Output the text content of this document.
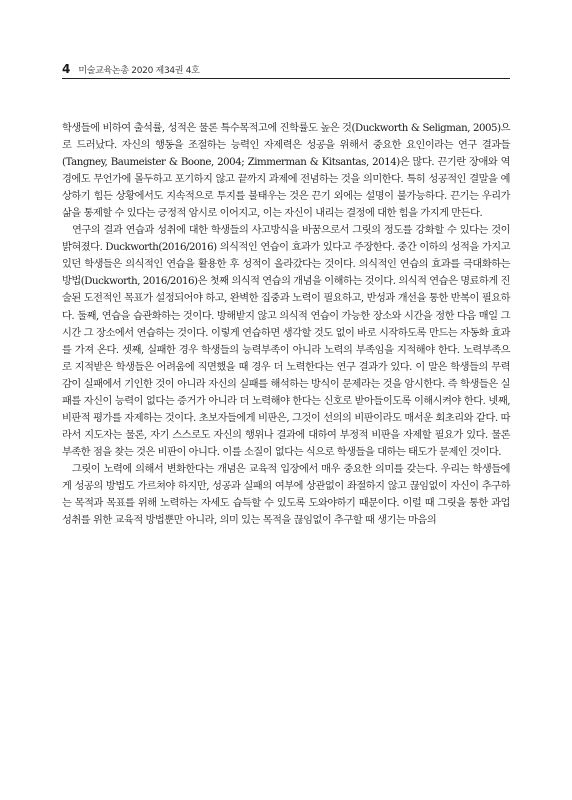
4 미술교육논총 2020 제34권 4호

학생들에 비하여 출석률, 성적은 물론 특수목적고에 진학률도 높은 것(Duckworth & Seligman, 2005)으로 드러났다. 자신의 행동을 조절하는 능력인 자제력은 성공을 위해서 중요한 요인이라는 연구 결과들(Tangney, Baumeister & Boone, 2004; Zimmerman & Kitsantas, 2014)은 많다. 끈기란 장애와 역경에도 무언가에 몰두하고 포기하지 않고 끝까지 과제에 전념하는 것을 의미한다. 특히 성공적인 결말을 예상하기 힘든 상황에서도 지속적으로 투지를 불태우는 것은 끈기 외에는 설명이 불가능하다. 끈기는 우리가 삶을 통제할 수 있다는 긍정적 암시로 이어지고, 이는 자신이 내리는 결정에 대한 힘을 가지게 만든다.

연구의 결과 연습과 성취에 대한 학생들의 사고방식을 바꿈으로서 그릿의 정도를 강화할 수 있다는 것이 밝혀졌다. Duckworth(2016/2016) 의식적인 연습이 효과가 있다고 주장한다. 중간 이하의 성적을 가지고 있던 학생들은 의식적인 연습을 활용한 후 성적이 올라갔다는 것이다. 의식적인 연습의 효과를 극대화하는 방법(Duckworth, 2016/2016)은 첫째 의식적 연습의 개념을 이해하는 것이다. 의식적 연습은 명료하게 진술된 도전적인 목표가 설정되어야 하고, 완벽한 집중과 노력이 필요하고, 반성과 개선을 통한 반복이 필요하다. 둘째, 연습을 습관화하는 것이다. 방해받지 않고 의식적 연습이 가능한 장소와 시간을 정한 다음 매일 그 시간 그 장소에서 연습하는 것이다. 이렇게 연습하면 생각할 것도 없이 바로 시작하도록 만드는 자동화 효과를 가져 온다. 셋째, 실패한 경우 학생들의 능력부족이 아니라 노력의 부족임을 지적해야 한다. 노력부족으로 지적받은 학생들은 어려움에 직면했을 때 경우 더 노력한다는 연구 결과가 있다. 이 말은 학생들의 무력감이 실패에서 기인한 것이 아니라 자신의 실패를 해석하는 방식이 문제라는 것을 암시한다. 즉 학생들은 실패를 자신이 능력이 없다는 증거가 아니라 더 노력해야 한다는 신호로 받아들이도록 이해시켜야 한다. 넷째, 비판적 평가를 자제하는 것이다. 초보자들에게 비판은, 그것이 선의의 비판이라도 매서운 회초리와 같다. 따라서 지도자는 물론, 자기 스스로도 자신의 행위나 결과에 대하여 부정적 비판을 자제할 필요가 있다. 물론 부족한 점을 찾는 것은 비판이 아니다. 이를 소질이 없다는 식으로 학생들을 대하는 태도가 문제인 것이다.

그릿이 노력에 의해서 변화한다는 개념은 교육적 입장에서 매우 중요한 의미를 갖는다. 우리는 학생들에게 성공의 방법도 가르쳐야 하지만, 성공과 실패의 여부에 상관없이 좌절하지 않고 끊임없이 자신이 추구하는 목적과 목표를 위해 노력하는 자세도 습득할 수 있도록 도와야하기 때문이다. 이럴 때 그릿을 통한 과업 성취를 위한 교육적 방법뿐만 아니라, 의미 있는 목적을 끊임없이 추구할 때 생기는 마음의
